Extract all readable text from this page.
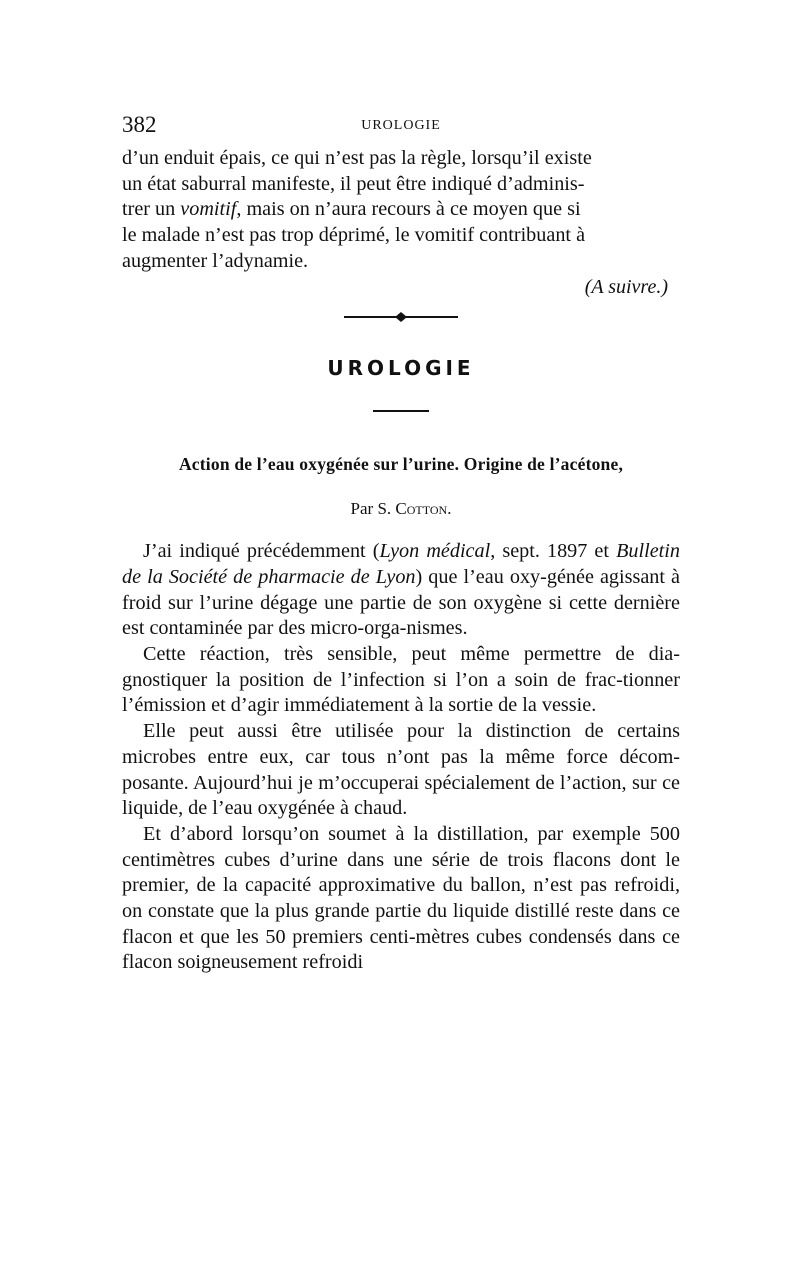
382	UROLOGIE

d’un enduit épais, ce qui n’est pas la règle, lorsqu’il existe

un état saburral manifeste, il peut être indiqué d’adminis-

trer un vomitif, mais on n’aura recours à ce moyen que si

le malade n’est pas trop déprimé, le vomitif contribuant à

augmenter l’adynamie.

(A suivre.)

UROLOGIE
Action de l’eau oxygénée sur l’urine. Origine de l’acétone,
Par S. Cotton.

J’ai indiqué précédemment (Lyon médical, sept. 1897 et Bulletin de la Société de pharmacie de Lyon) que l’eau oxy-génée agissant à froid sur l’urine dégage une partie de son oxygène si cette dernière est contaminée par des micro-orga-nismes.

Cette réaction, très sensible, peut même permettre de dia-gnostiquer la position de l’infection si l’on a soin de frac-tionner l’émission et d’agir immédiatement à la sortie de la vessie.

Elle peut aussi être utilisée pour la distinction de certains microbes entre eux, car tous n’ont pas la même force décom-posante. Aujourd’hui je m’occuperai spécialement de l’action, sur ce liquide, de l’eau oxygénée à chaud.

Et d’abord lorsqu’on soumet à la distillation, par exemple 500 centimètres cubes d’urine dans une série de trois flacons dont le premier, de la capacité approximative du ballon, n’est pas refroidi, on constate que la plus grande partie du liquide distillé reste dans ce flacon et que les 50 premiers centi-mètres cubes condensés dans ce flacon soigneusement refroidi
